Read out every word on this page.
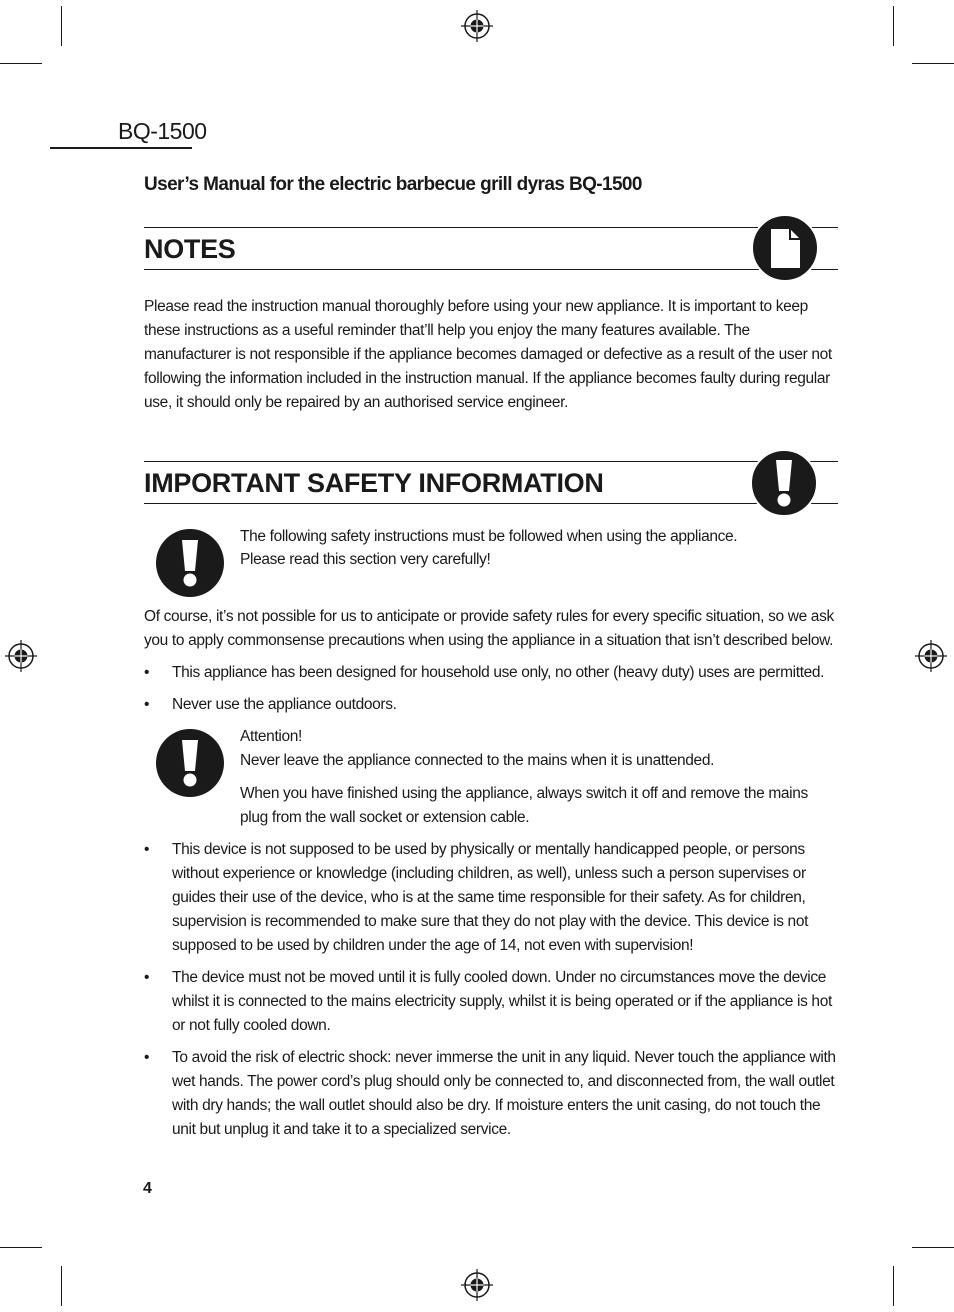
BQ-1500
User’s Manual for the electric barbecue grill dyras BQ-1500
NOTES
Please read the instruction manual thoroughly before using your new appliance. It is important to keep these instructions as a useful reminder that’ll help you enjoy the many features available. The manufacturer is not responsible if the appliance becomes damaged or defective as a result of the user not following the information included in the instruction manual. If the appliance becomes faulty during regular use, it should only be repaired by an authorised service engineer.
IMPORTANT SAFETY INFORMATION
The following safety instructions must be followed when using the appliance.
Please read this section very carefully!
Of course, it’s not possible for us to anticipate or provide safety rules for every specific situation, so we ask you to apply commonsense precautions when using the appliance in a situation that isn’t described below.
• This appliance has been designed for household use only, no other (heavy duty) uses are permitted.
• Never use the appliance outdoors.
Attention!
Never leave the appliance connected to the mains when it is unattended.
When you have finished using the appliance, always switch it off and remove the mains plug from the wall socket or extension cable.
• This device is not supposed to be used by physically or mentally handicapped people, or persons without experience or knowledge (including children, as well), unless such a person supervises or guides their use of the device, who is at the same time responsible for their safety. As for children, supervision is recommended to make sure that they do not play with the device. This device is not supposed to be used by children under the age of 14, not even with supervision!
• The device must not be moved until it is fully cooled down. Under no circumstances move the device whilst it is connected to the mains electricity supply, whilst it is being operated or if the appliance is hot or not fully cooled down.
• To avoid the risk of electric shock: never immerse the unit in any liquid. Never touch the appliance with wet hands. The power cord’s plug should only be connected to, and disconnected from, the wall outlet with dry hands; the wall outlet should also be dry. If moisture enters the unit casing, do not touch the unit but unplug it and take it to a specialized service.
4
